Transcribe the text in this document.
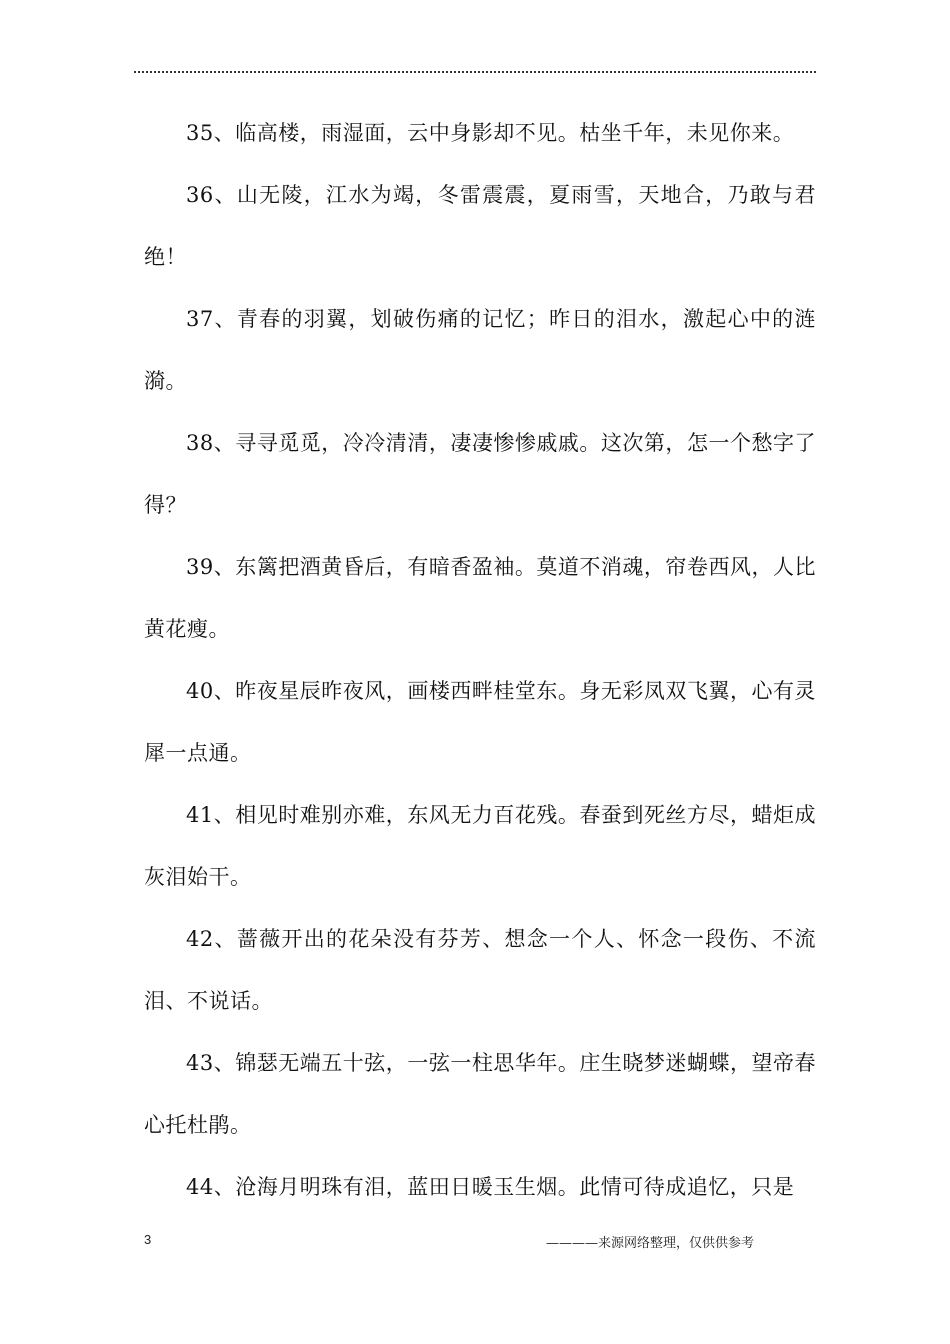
35、临高楼，雨湿面，云中身影却不见。枯坐千年，未见你来。

36、山无陵，江水为竭，冬雷震震，夏雨雪，天地合，乃敢与君绝！

37、青春的羽翼，划破伤痛的记忆；昨日的泪水，激起心中的涟漪。

38、寻寻觅觅，冷冷清清，凄凄惨惨戚戚。这次第，怎一个愁字了得？

39、东篱把酒黄昏后，有暗香盈袖。莫道不消魂，帘卷西风，人比黄花瘦。

40、昨夜星辰昨夜风，画楼西畔桂堂东。身无彩凤双飞翼，心有灵犀一点通。

41、相见时难别亦难，东风无力百花残。春蚕到死丝方尽，蜡炬成灰泪始干。

42、蔷薇开出的花朵没有芬芳、想念一个人、怀念一段伤、不流泪、不说话。

43、锦瑟无端五十弦，一弦一柱思华年。庄生晓梦迷蝴蝶，望帝春心托杜鹃。

44、沧海月明珠有泪，蓝田日暖玉生烟。此情可待成追忆，只是

3	————来源网络整理，仅供供参考
